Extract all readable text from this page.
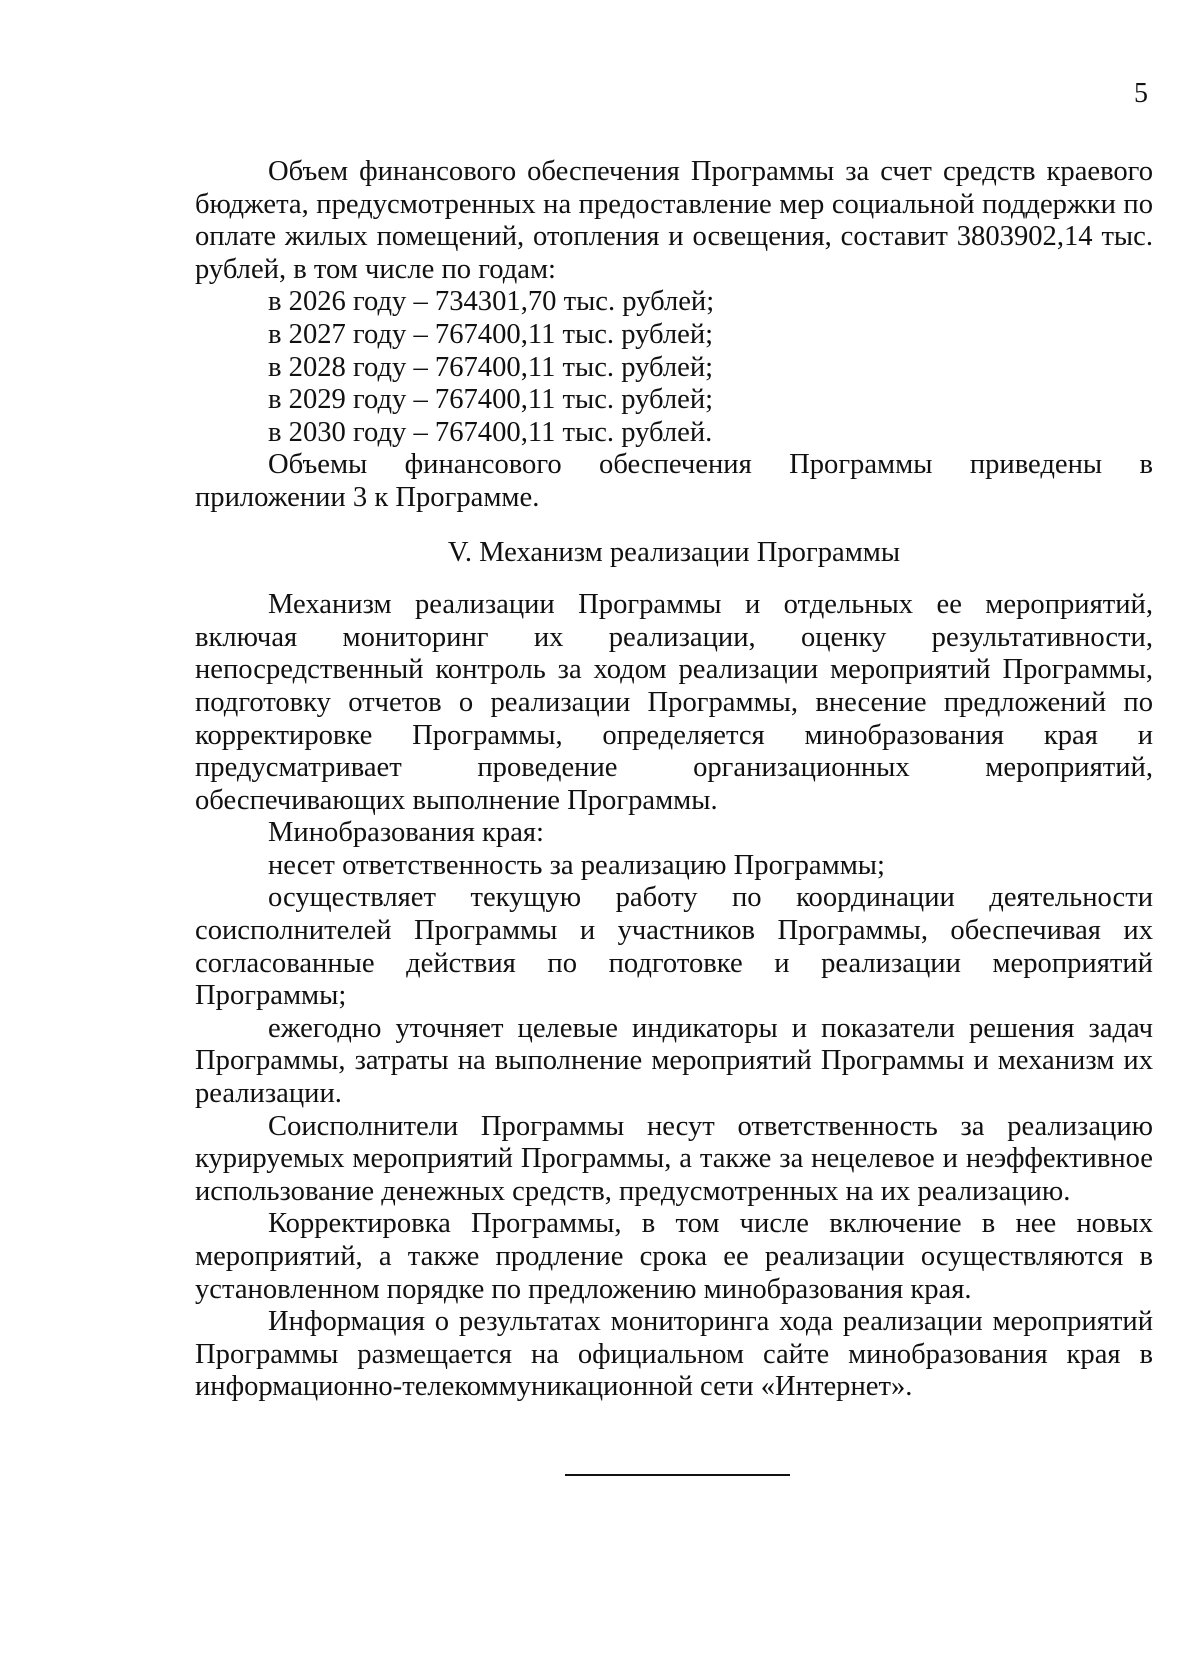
5

Объем финансового обеспечения Программы за счет средств краевого бюджета, предусмотренных на предоставление мер социальной поддержки по оплате жилых помещений, отопления и освещения, составит 3803902,14 тыс. рублей, в том числе по годам:

в 2026 году – 734301,70 тыс. рублей;
в 2027 году – 767400,11 тыс. рублей;
в 2028 году – 767400,11 тыс. рублей;
в 2029 году – 767400,11 тыс. рублей;
в 2030 году – 767400,11 тыс. рублей.

Объемы финансового обеспечения Программы приведены в приложении 3 к Программе.

V. Механизм реализации Программы

Механизм реализации Программы и отдельных ее мероприятий, включая мониторинг их реализации, оценку результативности, непосредственный контроль за ходом реализации мероприятий Программы, подготовку отчетов о реализации Программы, внесение предложений по корректировке Программы, определяется минобразования края и предусматривает проведение организационных мероприятий, обеспечивающих выполнение Программы.

Минобразования края:

несет ответственность за реализацию Программы;

осуществляет текущую работу по координации деятельности соисполнителей Программы и участников Программы, обеспечивая их согласованные действия по подготовке и реализации мероприятий Программы;

ежегодно уточняет целевые индикаторы и показатели решения задач Программы, затраты на выполнение мероприятий Программы и механизм их реализации.

Соисполнители Программы несут ответственность за реализацию курируемых мероприятий Программы, а также за нецелевое и неэффективное использование денежных средств, предусмотренных на их реализацию.

Корректировка Программы, в том числе включение в нее новых мероприятий, а также продление срока ее реализации осуществляются в установленном порядке по предложению минобразования края.

Информация о результатах мониторинга хода реализации мероприятий Программы размещается на официальном сайте минобразования края в информационно-телекоммуникационной сети «Интернет».
